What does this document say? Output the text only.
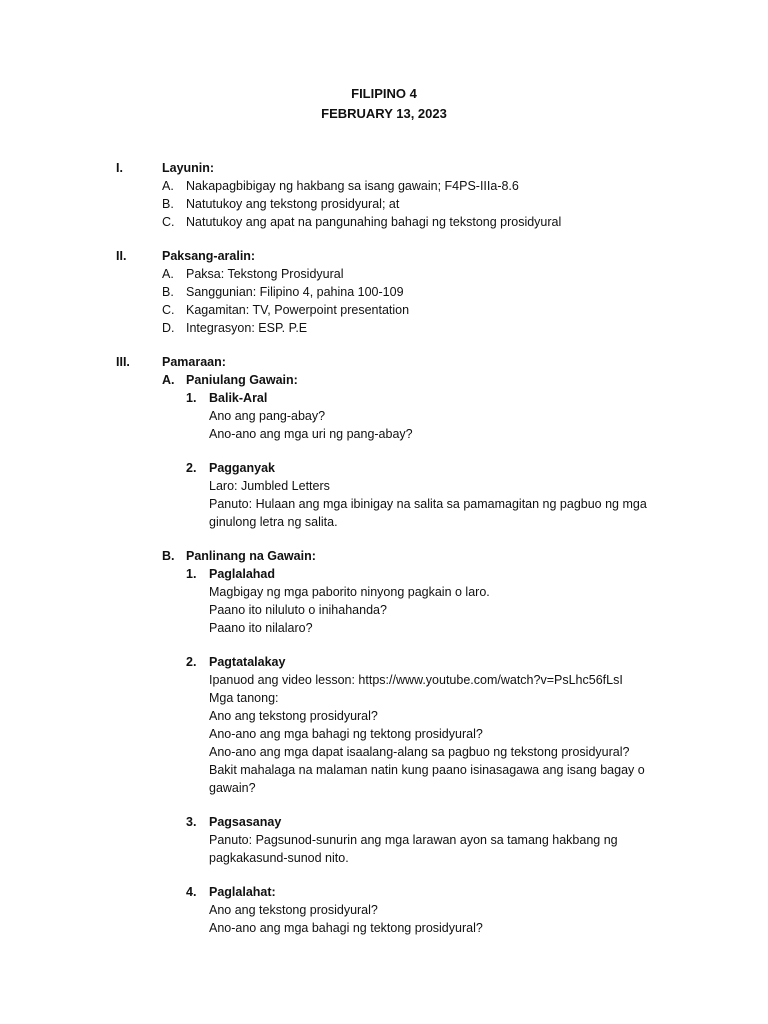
FILIPINO 4
FEBRUARY 13, 2023
I.	Layunin:
A. Nakapagbibigay ng hakbang sa isang gawain; F4PS-IIIa-8.6
B. Natutukoy ang tekstong prosidyural; at
C. Natutukoy ang apat na pangunahing bahagi ng tekstong prosidyural
II.	Paksang-aralin:
A. Paksa: Tekstong Prosidyural
B. Sanggunian: Filipino 4, pahina 100-109
C. Kagamitan: TV, Powerpoint presentation
D. Integrasyon: ESP. P.E
III.	Pamaraan:
A. Paniulang Gawain:
1. Balik-Aral
Ano ang pang-abay?
Ano-ano ang mga uri ng pang-abay?
2. Pagganyak
Laro: Jumbled Letters
Panuto: Hulaan ang mga ibinigay na salita sa pamamagitan ng pagbuo ng mga
ginulong letra ng salita.
B. Panlinang na Gawain:
1. Paglalahad
Magbigay ng mga paborito ninyong pagkain o laro.
Paano ito niluluto o inihahanda?
Paano ito nilalaro?
2. Pagtatalakay
Ipanuod ang video lesson: https://www.youtube.com/watch?v=PsLhc56fLsI
Mga tanong:
Ano ang tekstong prosidyural?
Ano-ano ang mga bahagi ng tektong prosidyural?
Ano-ano ang mga dapat isaalang-alang sa pagbuo ng tekstong prosidyural?
Bakit mahalaga na malaman natin kung paano isinasagawa ang isang bagay o
gawain?
3. Pagsasanay
Panuto: Pagsunod-sunurin ang mga larawan ayon sa tamang hakbang ng
pagkakasund-sunod nito.
4. Paglalahat:
Ano ang tekstong prosidyural?
Ano-ano ang mga bahagi ng tektong prosidyural?
